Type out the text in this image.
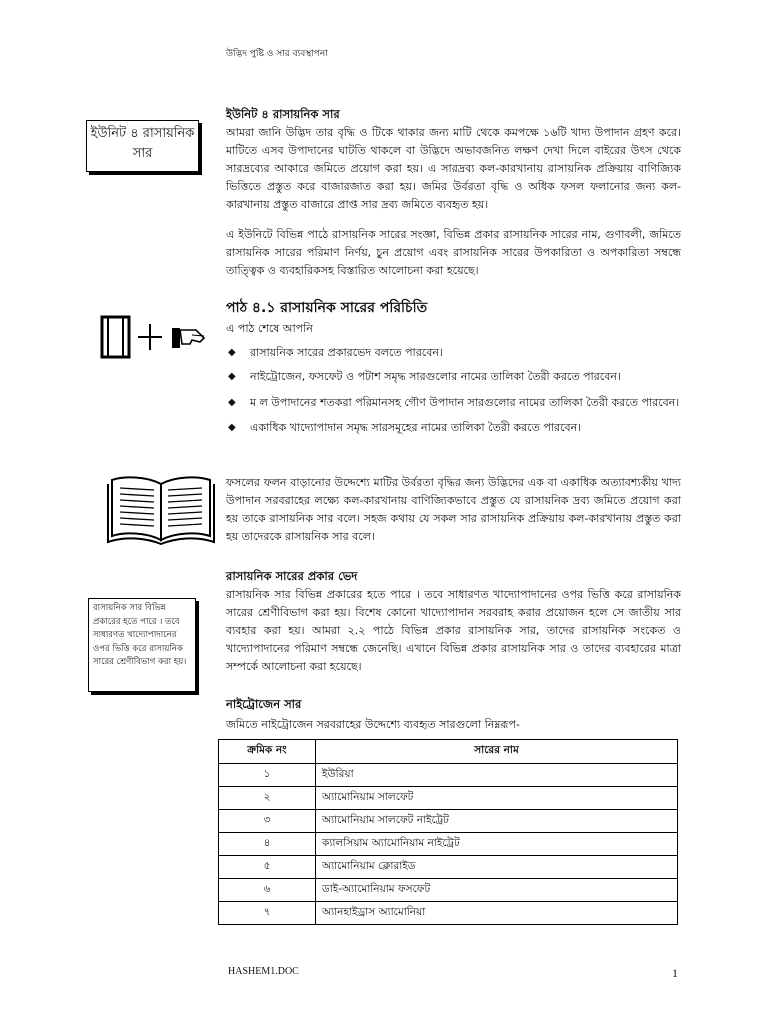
উদ্ভিদ পুষ্টি ও সার ব্যবস্থাপনা
ইউনিট ৪ রাসায়নিক
সার
ইউনিট ৪ রাসায়নিক সার

আমরা জানি উদ্ভিদ তার বৃদ্ধি ও টিকে থাকার জন্য মাটি থেকে কমপক্ষে ১৬টি খাদ্য উপাদান গ্রহণ করে। মাটিতে এসব উপাদানের ঘাটতি থাকলে বা উদ্ভিদে অভাবজনিত লক্ষণ দেখা দিলে বাইরের উৎস থেকে সারদ্রব্যের আকারে জমিতে প্রয়োগ করা হয়। এ সারদ্রব্য কল-কারখানায় রাসায়নিক প্রক্রিয়ায় বাণিজ্যিক ভিত্তিতে প্রস্তুত করে বাজারজাত করা হয়। জমির উর্বরতা বৃদ্ধি ও অধিক ফসল ফলানোর জন্য কল-কারখানায় প্রস্তুত বাজারে প্রাপ্ত সার দ্রব্য জমিতে ব্যবহৃত হয়।

এ ইউনিটে বিভিন্ন পাঠে রাসায়নিক সারের সংজ্ঞা, বিভিন্ন প্রকার রাসায়নিক সারের নাম, গুণাবলী, জমিতে রাসায়নিক সারের পরিমাণ নির্ণয়, চুন প্রয়োগ এবং রাসায়নিক সারের উপকারিতা ও অপকারিতা সম্বন্ধে তাত্ত্বিক ও ব্যবহারিকসহ বিস্তারিত আলোচনা করা হয়েছে।

পাঠ ৪.১ রাসায়নিক সারের পরিচিতি
এ পাঠ শেষে আপনি
◆ রাসায়নিক সারের প্রকারভেদ বলতে পারবেন।
◆ নাইট্রোজেন, ফসফেট ও পটাশ সমৃদ্ধ সারগুলোর নামের তালিকা তৈরী করতে পারবেন।
◆ ম ল উপাদানের শতকরা পরিমানসহ গৌণ উপাদান সারগুলোর নামের তালিকা তৈরী করতে পারবেন।
◆ একাধিক খাদ্যোপাদান সমৃদ্ধ সারসমূহের নামের তালিকা তৈরী করতে পারবেন।

ফসলের ফলন বাড়ানোর উদ্দেশ্যে মাটির উর্বরতা বৃদ্ধির জন্য উদ্ভিদের এক বা একাধিক অত্যাবশ্যকীয় খাদ্য উপাদান সরবরাহের লক্ষ্যে কল-কারখানায় বাণিজ্যিকভাবে প্রস্তুত যে রাসায়নিক দ্রব্য জমিতে প্রয়োগ করা হয় তাকে রাসায়নিক সার বলে। সহজ কথায় যে সকল সার রাসায়নিক প্রক্রিয়ায় কল-কারখানায় প্রস্তুত করা হয় তাদেরকে রাসায়নিক সার বলে।

রাসায়নিক সারের প্রকার ভেদ

রাসায়নিক সার বিভিন্ন প্রকারের হতে পারে । তবে সাধারণত খাদ্যোপাদানের ওপর ভিত্তি করে রাসায়নিক সারের শ্রেণীবিভাগ করা হয়। বিশেষ কোনো খাদ্যোপাদান সরবরাহ করার প্রয়োজন হলে সে জাতীয় সার ব্যবহার করা হয়। আমরা ২.২ পাঠে বিভিন্ন প্রকার রাসায়নিক সার, তাদের রাসায়নিক সংকেত ও খাদ্যোপাদানের পরিমাণ সম্বন্ধে জেনেছি। এখানে বিভিন্ন প্রকার রাসায়নিক সার ও তাদের ব্যবহারের মাত্রা সম্পর্কে আলোচনা করা হয়েছে।

রাসায়নিক সার বিভিন্ন প্রকারের হতে পারে । তবে সাধারণত খাদ্যোপাদানের ওপর ভিত্তি করে রাসায়নিক সারের শ্রেণীবিভাগ করা হয়।
নাইট্রোজেন সার
জমিতে নাইট্রোজেন সরবরাহের উদ্দেশ্যে ব্যবহৃত সারগুলো নিম্নরূপ-
ক্রমিক নং	সারের নাম
১	ইউরিয়া
২	অ্যামোনিয়াম সালফেট
৩	অ্যামোনিয়াম সালফেট নাইট্রেট
৪	ক্যালসিয়াম অ্যামোনিয়াম নাইট্রেট
৫	অ্যামোনিয়াম ক্লোরাইড
৬	ডাই-অ্যামোনিয়াম ফসফেট
৭	অ্যানহাইড্রাস অ্যামোনিয়া
HASHEM1.DOC	1
